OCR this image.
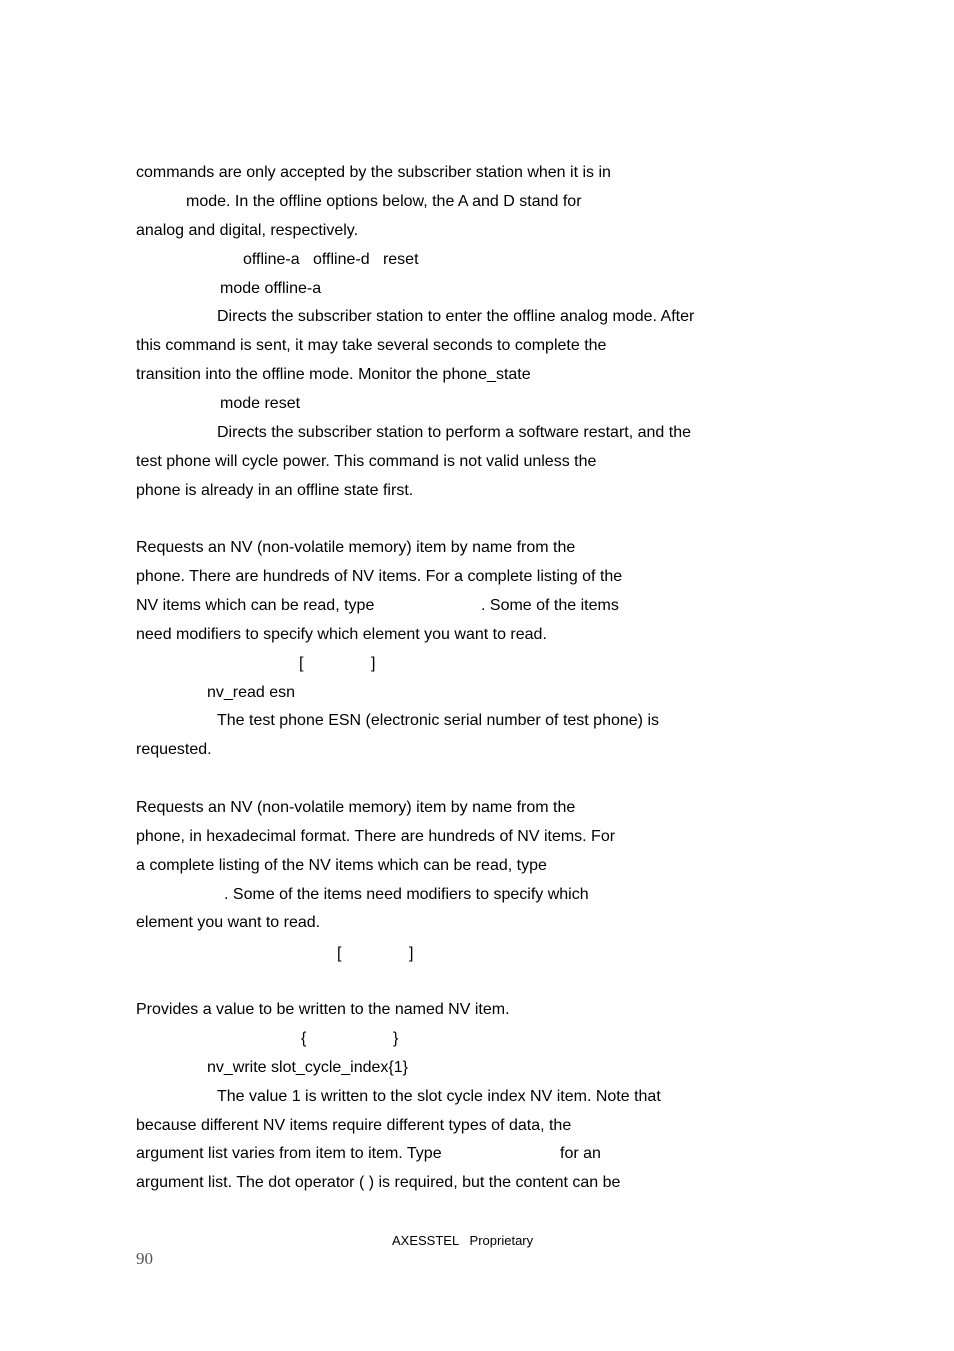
commands are only accepted by the subscriber station when it is in
mode. In the offline options below, the A and D stand for
analog and digital, respectively.
offline-a   offline-d   reset
mode offline-a
Directs the subscriber station to enter the offline analog mode. After
this command is sent, it may take several seconds to complete the
transition into the offline mode. Monitor the phone_state
mode reset
Directs the subscriber station to perform a software restart, and the
test phone will cycle power. This command is not valid unless the
phone is already in an offline state first.
Requests an NV (non-volatile memory) item by name from the
phone. There are hundreds of NV items. For a complete listing of the
NV items which can be read, type	. Some of the items
need modifiers to specify which element you want to read.
[	]
nv_read esn
The test phone ESN (electronic serial number of test phone) is
requested.
Requests an NV (non-volatile memory) item by name from the
phone, in hexadecimal format. There are hundreds of NV items. For
a complete listing of the NV items which can be read, type
. Some of the items need modifiers to specify which
element you want to read.
[	]
Provides a value to be written to the named NV item.
{	}
nv_write slot_cycle_index{1}
The value 1 is written to the slot cycle index NV item. Note that
because different NV items require different types of data, the
argument list varies from item to item. Type	for an
argument list. The dot operator ( ) is required, but the content can be
AXESSTEL   Proprietary
90
